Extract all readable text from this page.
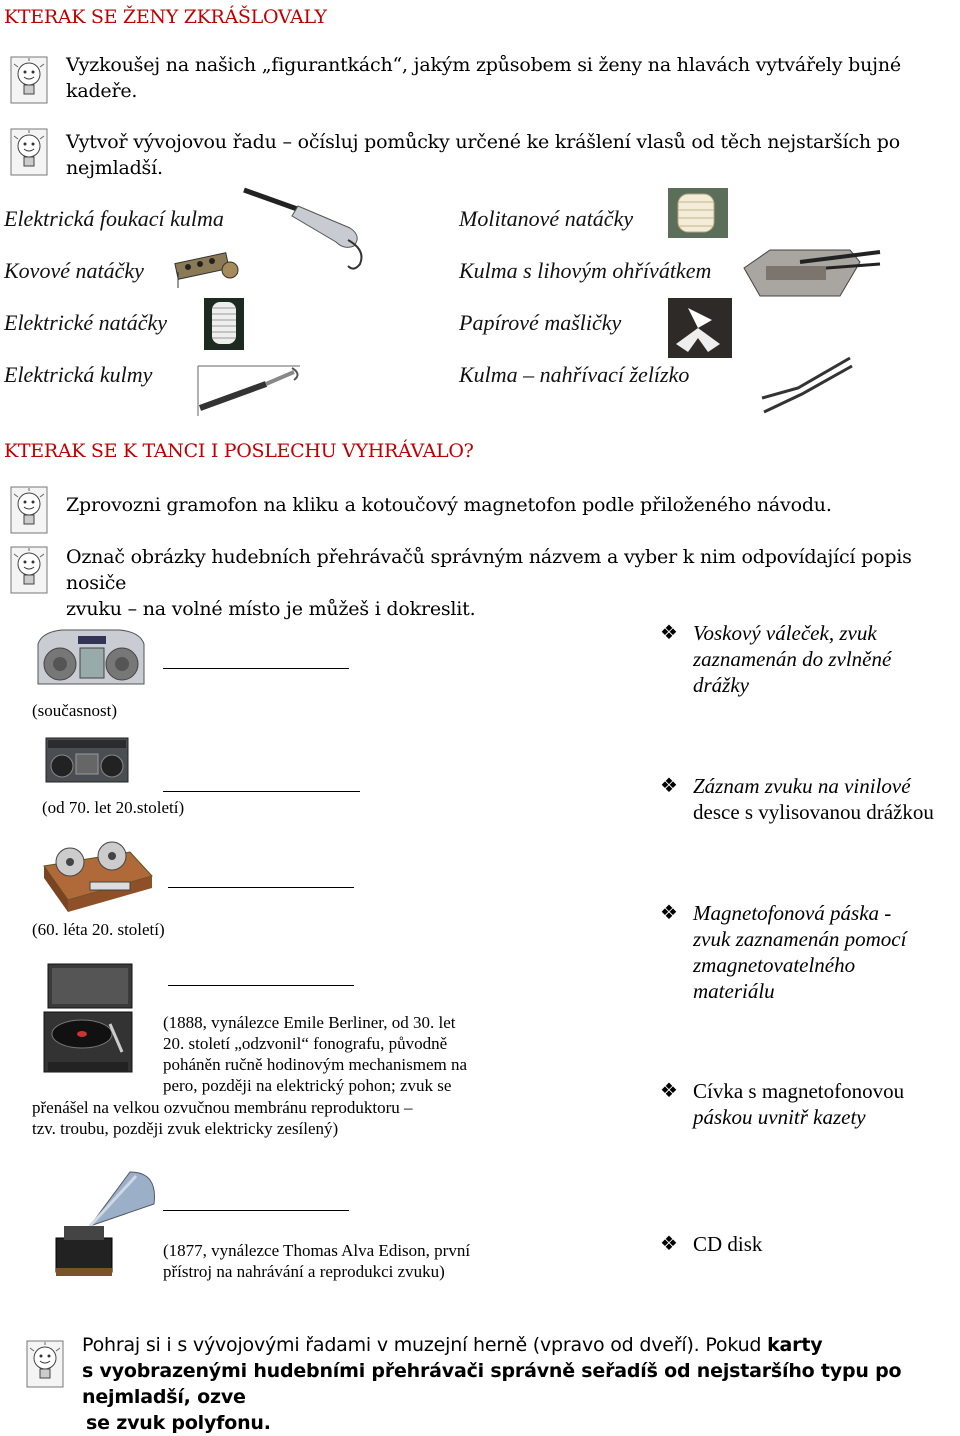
KTERAK SE ŽENY ZKRÁŠLOVALY
Vyzkoušej na našich „figurantkách“, jakým způsobem si ženy na hlavách vytvářely bujné
kadeře.
Vytvoř vývojovou řadu – očísluj pomůcky určené ke krášlení vlasů od těch nejstarších po
nejmladší.
Elektrická foukací kulma
Kovové natáčky
Elektrické natáčky
Elektrická kulmy
Molitanové natáčky
Kulma s lihovým ohřívátkem
Papírové mašličky
Kulma – nahřívací želízko
KTERAK SE K TANCI I POSLECHU VYHRÁVALO?
Zprovozni gramofon na kliku a kotoučový magnetofon podle přiloženého návodu.
Označ obrázky hudebních přehrávačů správným názvem a vyber k nim odpovídající popis nosiče
zvuku – na volné místo je můžeš i dokreslit.
(současnost)
(od 70. let 20.století)
(60. léta 20. století)
(1888, vynálezce Emile Berliner, od 30. let
20. století „odzvonil“ fonografu, původně
poháněn ručně hodinovým mechanismem na
pero, později na elektrický pohon; zvuk se
přenášel na velkou ozvučnou membránu reproduktoru –
tzv. troubu, později zvuk elektricky zesílený)
(1877, vynálezce Thomas Alva Edison, první
přístroj na nahrávání a reprodukci zvuku)
❖ Voskový váleček, zvuk
zaznamenán do zvlněné
drážky
❖ Záznam zvuku na vinilové
desce s vylisovanou drážkou
❖ Magnetofonová páska -
zvuk zaznamenán pomocí
zmagnetovatelného
materiálu
❖ Cívka s magnetofonovou
páskou uvnitř kazety
❖ CD disk
Pohraj si i s vývojovými řadami v muzejní herně (vpravo od dveří). Pokud karty
s vyobrazenými hudebními přehrávači správně seřadíš od nejstaršího typu po nejmladší, ozve
se zvuk polyfonu.
